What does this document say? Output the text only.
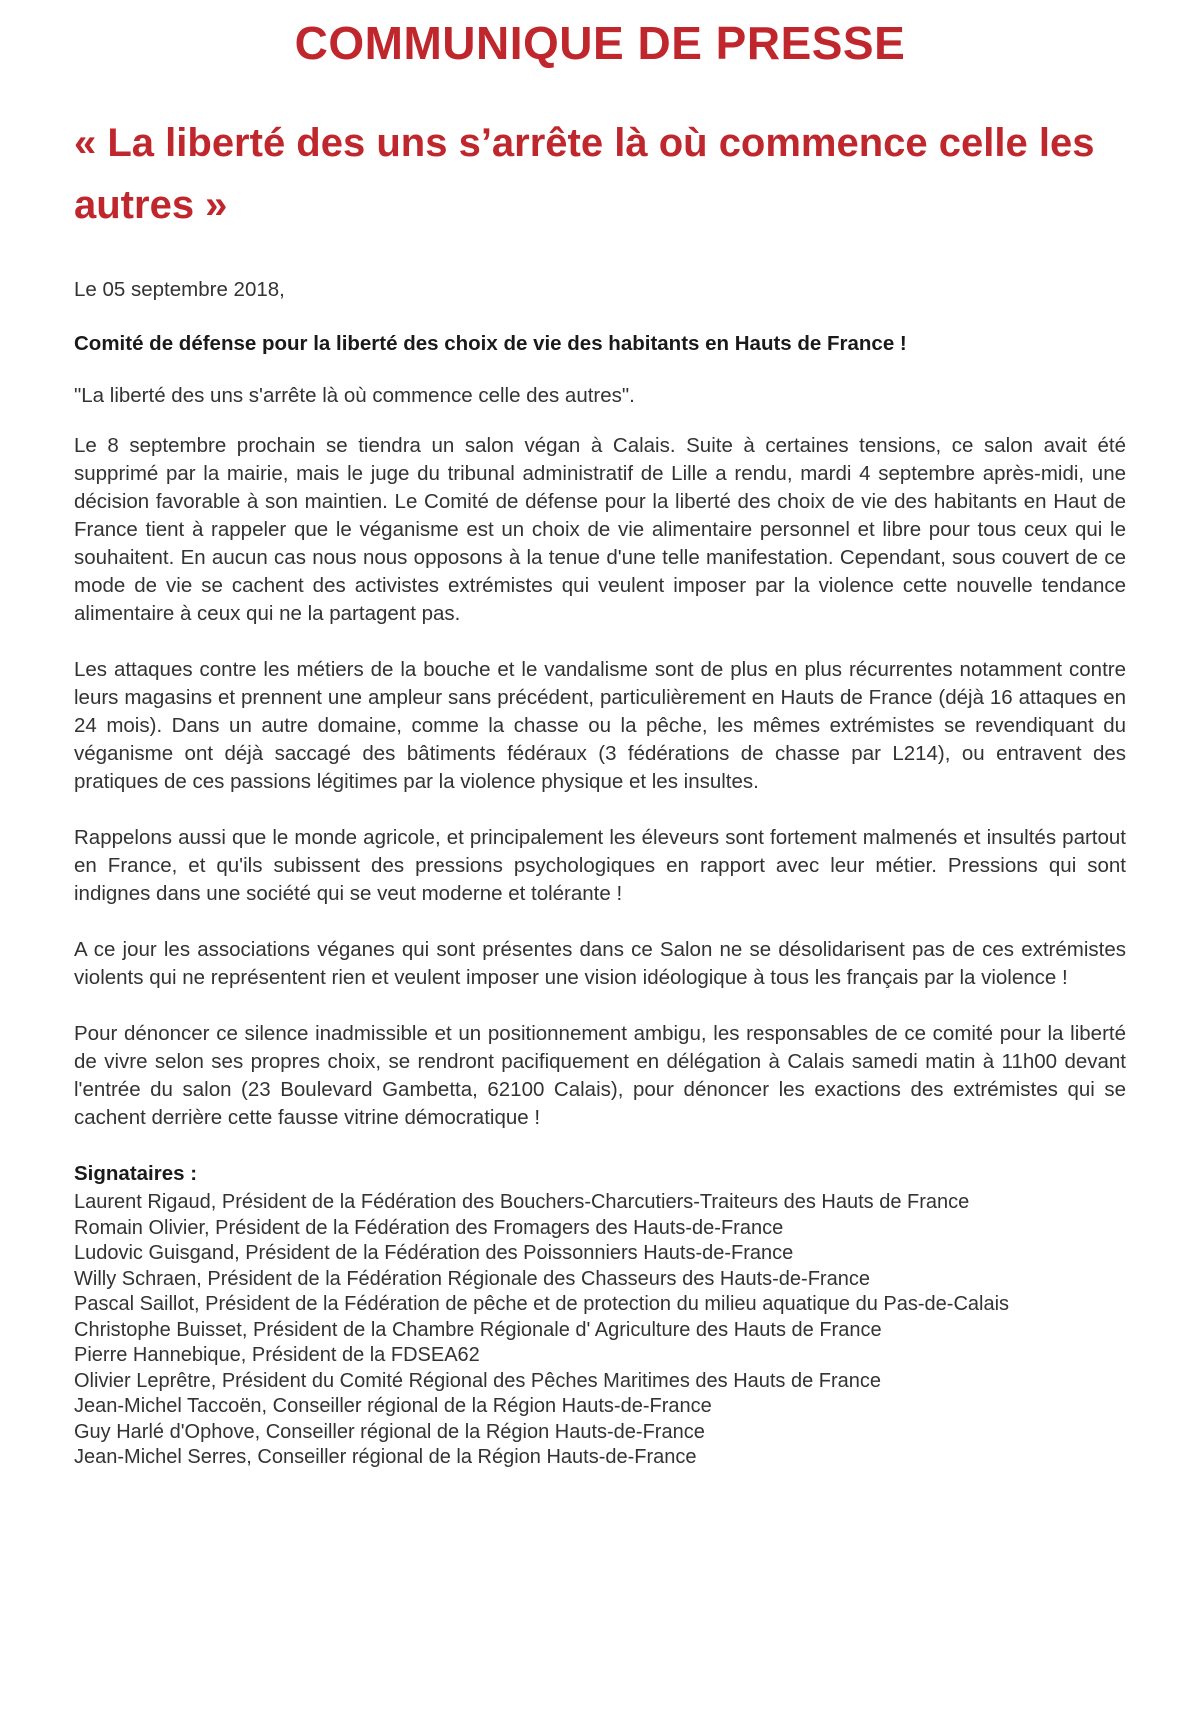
COMMUNIQUE DE PRESSE
« La liberté des uns s’arrête là où commence celle les autres »

Le 05 septembre 2018,

Comité de défense pour la liberté des choix de vie des habitants en Hauts de France !

"La liberté des uns s'arrête là où commence celle des autres".

Le 8 septembre prochain se tiendra un salon végan à Calais. Suite à certaines tensions, ce salon avait été supprimé par la mairie, mais le juge du tribunal administratif de Lille a rendu, mardi 4 septembre après-midi, une décision favorable à son maintien. Le Comité de défense pour la liberté des choix de vie des habitants en Haut de France tient à rappeler que le véganisme est un choix de vie alimentaire personnel et libre pour tous ceux qui le souhaitent. En aucun cas nous nous opposons à la tenue d'une telle manifestation. Cependant, sous couvert de ce mode de vie se cachent des activistes extrémistes qui veulent imposer par la violence cette nouvelle tendance alimentaire à ceux qui ne la partagent pas.

Les attaques contre les métiers de la bouche et le vandalisme sont de plus en plus récurrentes notamment contre leurs magasins et prennent une ampleur sans précédent, particulièrement en Hauts de France (déjà 16 attaques en 24 mois). Dans un autre domaine, comme la chasse ou la pêche, les mêmes extrémistes se revendiquant du véganisme ont déjà saccagé des bâtiments fédéraux (3 fédérations de chasse par L214), ou entravent des pratiques de ces passions légitimes par la violence physique et les insultes.

Rappelons aussi que le monde agricole, et principalement les éleveurs sont fortement malmenés et insultés partout en France, et qu'ils subissent des pressions psychologiques en rapport avec leur métier. Pressions qui sont indignes dans une société qui se veut moderne et tolérante !

A ce jour les associations véganes qui sont présentes dans ce Salon ne se désolidarisent pas de ces extrémistes violents qui ne représentent rien et veulent imposer une vision idéologique à tous les français par la violence !

Pour dénoncer ce silence inadmissible et un positionnement ambigu, les responsables de ce comité pour la liberté de vivre selon ses propres choix, se rendront pacifiquement en délégation à Calais samedi matin à 11h00 devant l'entrée du salon (23 Boulevard Gambetta, 62100 Calais), pour dénoncer les exactions des extrémistes qui se cachent derrière cette fausse vitrine démocratique !

Signataires :

Laurent Rigaud, Président de la Fédération des Bouchers-Charcutiers-Traiteurs des Hauts de France
Romain Olivier, Président de la Fédération des Fromagers des Hauts-de-France
Ludovic Guisgand, Président de la Fédération des Poissonniers Hauts-de-France
Willy Schraen, Président de la Fédération Régionale des Chasseurs des Hauts-de-France
Pascal Saillot, Président de la Fédération de pêche et de protection du milieu aquatique du Pas-de-Calais
Christophe Buisset, Président de la Chambre Régionale d' Agriculture des Hauts de France
Pierre Hannebique, Président de la FDSEA62
Olivier Leprêtre, Président du Comité Régional des Pêches Maritimes des Hauts de France
Jean-Michel Taccoën, Conseiller régional de la Région Hauts-de-France
Guy Harlé d'Ophove, Conseiller régional de la Région Hauts-de-France
Jean-Michel Serres, Conseiller régional de la Région Hauts-de-France
